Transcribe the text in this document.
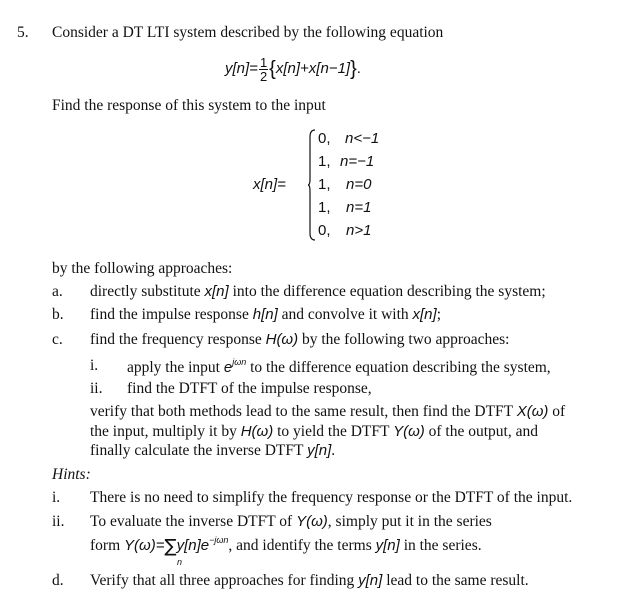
5. Consider a DT LTI system described by the following equation
$y[n]= \frac{1}{2} \{x[n]+x[n-1]\}$.
Find the response of this system to the input
x[n]=
0, n<−1
1, n=−1
1, n=0
1, n=1
0, n>1
by the following approaches:
a. directly substitute x[n] into the difference equation describing the system;
b. find the impulse response h[n] and convolve it with x[n];
c. find the frequency response H(ω) by the following two approaches:
i. apply the input $e^{j\omega n}$ to the difference equation describing the system,
ii. find the DTFT of the impulse response,
verify that both methods lead to the same result, then find the DTFT X(ω) of
the input, multiply it by H(ω) to yield the DTFT Y(ω) of the output, and
finally calculate the inverse DTFT y[n].
Hints:
i. There is no need to simplify the frequency response or the DTFT of the input.
ii. To evaluate the inverse DTFT of Y(ω), simply put it in the series
form $Y(\omega)=\sum y[n]e^{-j\omega n}$, and identify the terms y[n] in the series.
n
d. Verify that all three approaches for finding y[n] lead to the same result.
